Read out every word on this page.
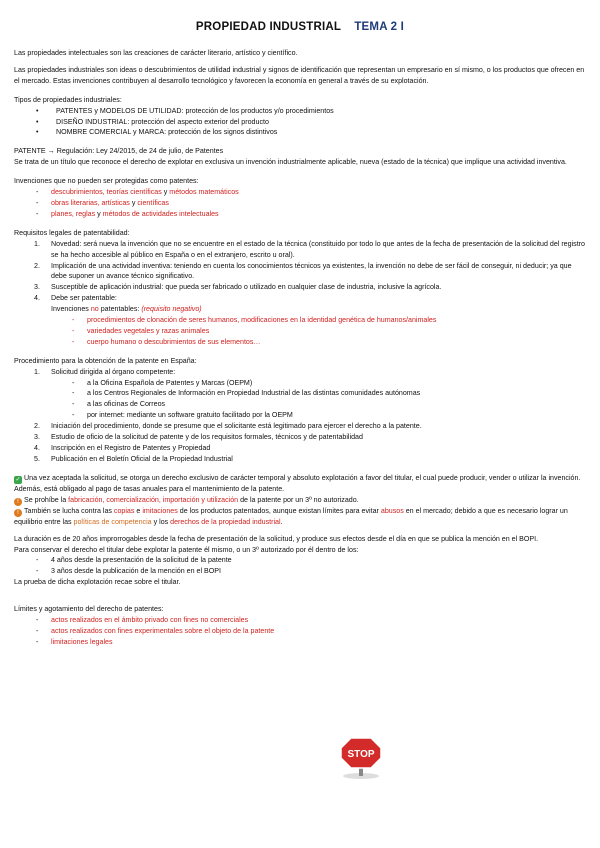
PROPIEDAD INDUSTRIAL TEMA 2 I

Las propiedades intelectuales son las creaciones de carácter literario, artístico y científico.

Las propiedades industriales son ideas o descubrimientos de utilidad industrial y signos de identificación que representan un empresario en sí mismo, o los productos que ofrecen en el mercado. Estas invenciones contribuyen al desarrollo tecnológico y favorecen la economía en general a través de su explotación.

Tipos de propiedades industriales:

• PATENTES y MODELOS DE UTILIDAD: protección de los productos y/o procedimientos
• DISEÑO INDUSTRIAL: protección del aspecto exterior del producto
• NOMBRE COMERCIAL y MARCA: protección de los signos distintivos

PATENTE → Regulación: Ley 24/2015, de 24 de julio, de Patentes

Se trata de un título que reconoce el derecho de explotar en exclusiva un invención industrialmente aplicable, nueva (estado de la técnica) que implique una actividad inventiva.

Invenciones que no pueden ser protegidas como patentes:

- descubrimientos, teorías científicas y métodos matemáticos
- obras literarias, artísticas y científicas
- planes, reglas y métodos de actividades intelectuales

Requisitos legales de patentabilidad:

1. Novedad: será nueva la invención que no se encuentre en el estado de la técnica (constituido por todo lo que antes de la fecha de presentación de la solicitud del registro se ha hecho accesible al público en España o en el extranjero, escrito u oral).
2. Implicación de una actividad inventiva: teniendo en cuenta los conocimientos técnicos ya existentes, la invención no debe de ser fácil de conseguir, ni deducir; ya que debe suponer un avance técnico significativo.
3. Susceptible de aplicación industrial: que pueda ser fabricado o utilizado en cualquier clase de industria, inclusive la agrícola.
4. Debe ser patentable:

Invenciones no patentables: (requisito negativo)

- procedimientos de clonación de seres humanos, modificaciones en la identidad genética de humanos/animales
- variedades vegetales y razas animales
- cuerpo humano o descubrimientos de sus elementos…

Procedimiento para la obtención de la patente en España:

1. Solicitud dirigida al órgano competente:
- a la Oficina Española de Patentes y Marcas (OEPM)
- a los Centros Regionales de Información en Propiedad Industrial de las distintas comunidades autónomas
- a las oficinas de Correos
- por internet: mediante un software gratuito facilitado por la OEPM
2. Iniciación del procedimiento, donde se presume que el solicitante está legitimado para ejercer el derecho a la patente.
3. Estudio de oficio de la solicitud de patente y de los requisitos formales, técnicos y de patentabilidad
4. Inscripción en el Registro de Patentes y Propiedad
5. Publicación en el Boletín Oficial de la Propiedad Industrial

✓ Una vez aceptada la solicitud, se otorga un derecho exclusivo de carácter temporal y absoluto explotación a favor del titular, el cual puede producir, vender o utilizar la invención. Además, está obligado al pago de tasas anuales para el mantenimiento de la patente.

! Se prohíbe la fabricación, comercialización, importación y utilización de la patente por un 3º no autorizado.

! También se lucha contra las copias e imitaciones de los productos patentados, aunque existan límites para evitar abusos en el mercado; debido a que es necesario lograr un equilibrio entre las políticas de competencia y los derechos de la propiedad industrial.

La duración es de 20 años improrrogables desde la fecha de presentación de la solicitud, y produce sus efectos desde el día en que se publica la mención en el BOPI.

Para conservar el derecho el titular debe explotar la patente él mismo, o un 3º autorizado por él dentro de los:

- 4 años desde la presentación de la solicitud de la patente
- 3 años desde la publicación de la mención en el BOPI

La prueba de dicha explotación recae sobre el titular.

Límites y agotamiento del derecho de patentes:

- actos realizados en el ámbito privado con fines no comerciales
- actos realizados con fines experimentales sobre el objeto de la patente
- limitaciones legales
STOP
